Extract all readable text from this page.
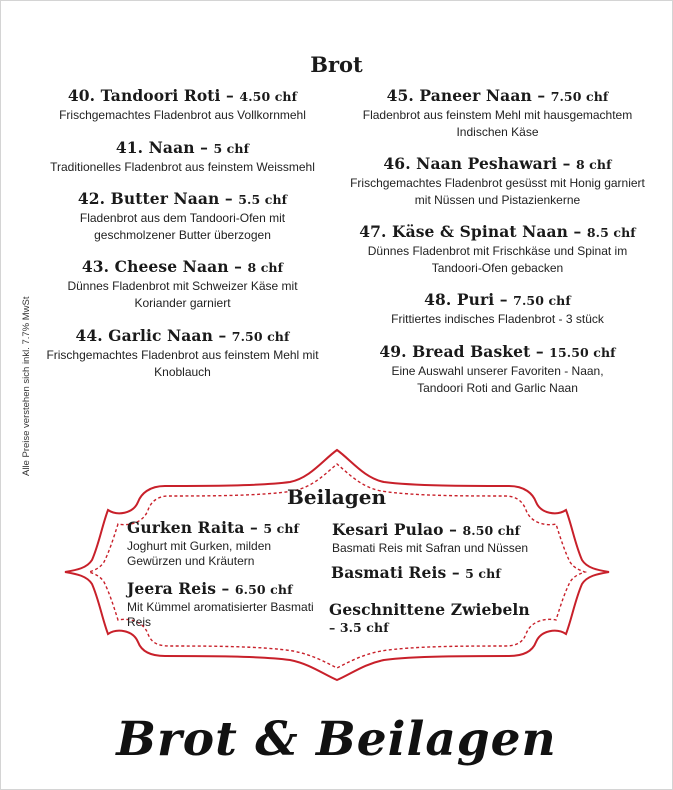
Alle Preise verstehen sich inkl. 7.7% MwSt
Brot
40. Tandoori Roti – 4.50 chf
Frischgemachtes Fladenbrot aus Vollkornmehl
41. Naan – 5 chf
Traditionelles Fladenbrot aus feinstem Weissmehl
42. Butter Naan – 5.5 chf
Fladenbrot aus dem Tandoori-Ofen mit geschmolzener Butter überzogen
43. Cheese Naan – 8 chf
Dünnes Fladenbrot mit Schweizer Käse mit Koriander garniert
44. Garlic Naan – 7.50 chf
Frischgemachtes Fladenbrot aus feinstem Mehl mit Knoblauch
45. Paneer Naan – 7.50 chf
Fladenbrot aus feinstem Mehl mit hausgemachtem Indischen Käse
46. Naan Peshawari – 8 chf
Frischgemachtes Fladenbrot gesüsst mit Honig garniert mit Nüssen und Pistazienkerne
47. Käse & Spinat Naan – 8.5 chf
Dünnes Fladenbrot mit Frischkäse und Spinat im Tandoori-Ofen gebacken
48. Puri – 7.50 chf
Frittiertes indisches Fladenbrot - 3 stück
49. Bread Basket – 15.50 chf
Eine Auswahl unserer Favoriten - Naan, Tandoori Roti and Garlic Naan
Beilagen
Gurken Raita – 5 chf
Joghurt mit Gurken, milden Gewürzen und Kräutern
Jeera Reis – 6.50 chf
Mit Kümmel aromatisierter Basmati Reis
Kesari Pulao – 8.50 chf
Basmati Reis mit Safran und Nüssen
Basmati Reis – 5 chf
Geschnittene Zwiebeln
– 3.5 chf
Brot & Beilagen
